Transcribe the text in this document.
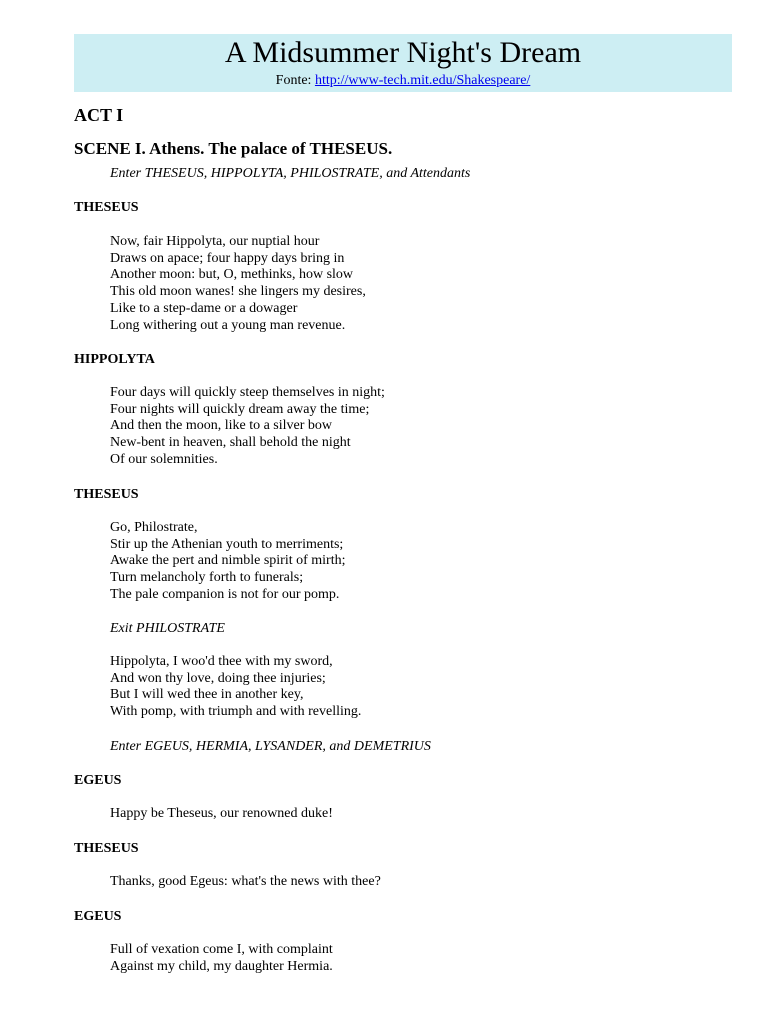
A Midsummer Night's Dream
Fonte: http://www-tech.mit.edu/Shakespeare/
ACT I
SCENE I. Athens. The palace of THESEUS.
Enter THESEUS, HIPPOLYTA, PHILOSTRATE, and Attendants
THESEUS
Now, fair Hippolyta, our nuptial hour
Draws on apace; four happy days bring in
Another moon: but, O, methinks, how slow
This old moon wanes! she lingers my desires,
Like to a step-dame or a dowager
Long withering out a young man revenue.
HIPPOLYTA
Four days will quickly steep themselves in night;
Four nights will quickly dream away the time;
And then the moon, like to a silver bow
New-bent in heaven, shall behold the night
Of our solemnities.
THESEUS
Go, Philostrate,
Stir up the Athenian youth to merriments;
Awake the pert and nimble spirit of mirth;
Turn melancholy forth to funerals;
The pale companion is not for our pomp.
Exit PHILOSTRATE
Hippolyta, I woo'd thee with my sword,
And won thy love, doing thee injuries;
But I will wed thee in another key,
With pomp, with triumph and with revelling.
Enter EGEUS, HERMIA, LYSANDER, and DEMETRIUS
EGEUS
Happy be Theseus, our renowned duke!
THESEUS
Thanks, good Egeus: what's the news with thee?
EGEUS
Full of vexation come I, with complaint
Against my child, my daughter Hermia.
